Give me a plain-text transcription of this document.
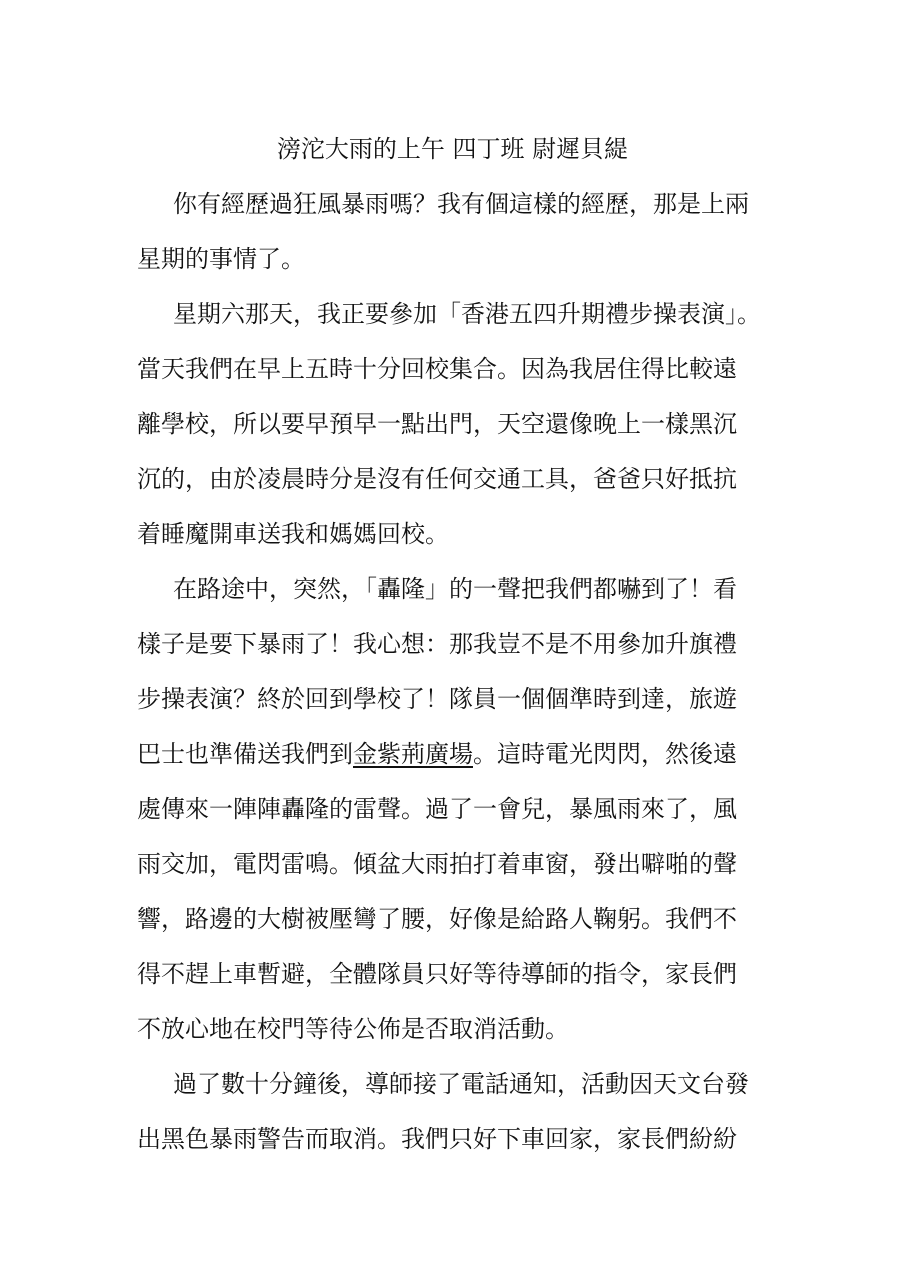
滂沱大雨的上午 四丁班 尉遲貝緹
你有經歷過狂風暴雨嗎？我有個這樣的經歷，那是上兩
星期的事情了。
星期六那天，我正要參加「香港五四升期禮步操表演」。
當天我們在早上五時十分回校集合。因為我居住得比較遠
離學校，所以要早預早一點出門，天空還像晚上一樣黑沉
沉的，由於凌晨時分是沒有任何交通工具，爸爸只好抵抗
着睡魔開車送我和媽媽回校。
在路途中，突然，「轟隆」的一聲把我們都嚇到了！看
樣子是要下暴雨了！我心想：那我豈不是不用參加升旗禮
步操表演？終於回到學校了！隊員一個個準時到達，旅遊
巴士也準備送我們到金紫荊廣場。這時電光閃閃，然後遠
處傳來一陣陣轟隆的雷聲。過了一會兒，暴風雨來了，風
雨交加，電閃雷鳴。傾盆大雨拍打着車窗，發出噼啪的聲
響，路邊的大樹被壓彎了腰，好像是給路人鞠躬。我們不
得不趕上車暫避，全體隊員只好等待導師的指令，家長們
不放心地在校門等待公佈是否取消活動。
過了數十分鐘後，導師接了電話通知，活動因天文台發
出黑色暴雨警告而取消。我們只好下車回家，家長們紛紛
